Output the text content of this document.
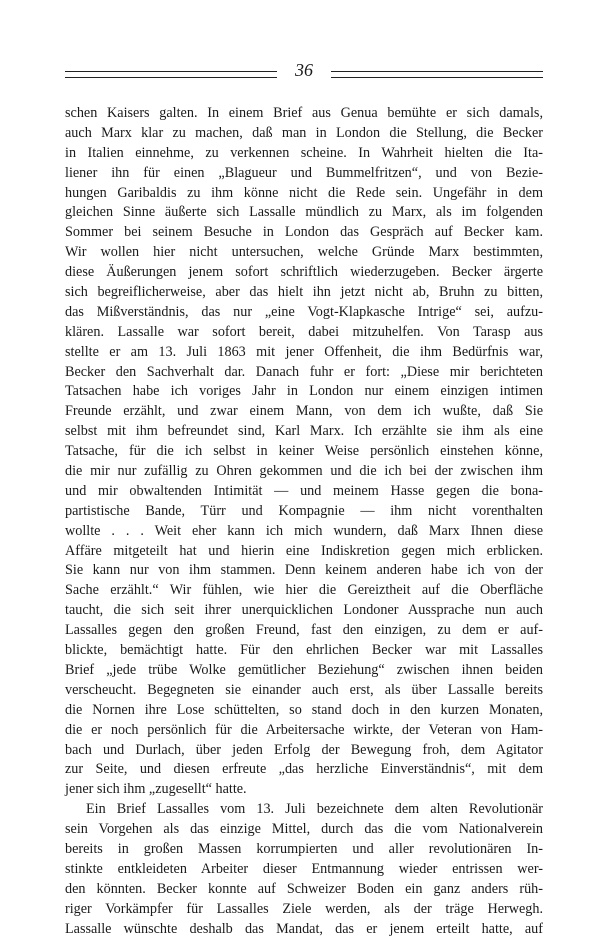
36
schen Kaisers galten. In einem Brief aus Genua bemühte er sich damals,
auch Marx klar zu machen, daß man in London die Stellung, die Becker
in Italien einnehme, zu verkennen scheine. In Wahrheit hielten die Ita-
liener ihn für einen „Blagueur und Bummelfritzen“, und von Bezie-
hungen Garibaldis zu ihm könne nicht die Rede sein. Ungefähr in dem
gleichen Sinne äußerte sich Lassalle mündlich zu Marx, als im folgenden
Sommer bei seinem Besuche in London das Gespräch auf Becker kam.
Wir wollen hier nicht untersuchen, welche Gründe Marx bestimmten,
diese Äußerungen jenem sofort schriftlich wiederzugeben. Becker ärgerte
sich begreiflicherweise, aber das hielt ihn jetzt nicht ab, Bruhn zu bitten,
das Mißverständnis, das nur „eine Vogt-Klapkasche Intrige“ sei, aufzu-
klären. Lassalle war sofort bereit, dabei mitzuhelfen. Von Tarasp aus
stellte er am 13. Juli 1863 mit jener Offenheit, die ihm Bedürfnis war,
Becker den Sachverhalt dar. Danach fuhr er fort: „Diese mir berichteten
Tatsachen habe ich voriges Jahr in London nur einem einzigen intimen
Freunde erzählt, und zwar einem Mann, von dem ich wußte, daß Sie
selbst mit ihm befreundet sind, Karl Marx. Ich erzählte sie ihm als eine
Tatsache, für die ich selbst in keiner Weise persönlich einstehen könne,
die mir nur zufällig zu Ohren gekommen und die ich bei der zwischen ihm
und mir obwaltenden Intimität — und meinem Hasse gegen die bona-
partistische Bande, Türr und Kompagnie — ihm nicht vorenthalten
wollte . . . Weit eher kann ich mich wundern, daß Marx Ihnen diese
Affäre mitgeteilt hat und hierin eine Indiskretion gegen mich erblicken.
Sie kann nur von ihm stammen. Denn keinem anderen habe ich von der
Sache erzählt.“ Wir fühlen, wie hier die Gereiztheit auf die Oberfläche
taucht, die sich seit ihrer unerquicklichen Londoner Aussprache nun auch
Lassalles gegen den großen Freund, fast den einzigen, zu dem er auf-
blickte, bemächtigt hatte. Für den ehrlichen Becker war mit Lassalles
Brief „jede trübe Wolke gemütlicher Beziehung“ zwischen ihnen beiden
verscheucht. Begegneten sie einander auch erst, als über Lassalle bereits
die Nornen ihre Lose schüttelten, so stand doch in den kurzen Monaten,
die er noch persönlich für die Arbeitersache wirkte, der Veteran von Ham-
bach und Durlach, über jeden Erfolg der Bewegung froh, dem Agitator
zur Seite, und diesen erfreute „das herzliche Einverständnis“, mit dem
jener sich ihm „zugesellt“ hatte.
Ein Brief Lassalles vom 13. Juli bezeichnete dem alten Revolutionär
sein Vorgehen als das einzige Mittel, durch das die vom Nationalverein
bereits in großen Massen korrumpierten und aller revolutionären In-
stinkte entkleideten Arbeiter dieser Entmannung wieder entrissen wer-
den könnten. Becker konnte auf Schweizer Boden ein ganz anders rüh-
riger Vorkämpfer für Lassalles Ziele werden, als der träge Herwegh.
Lassalle wünschte deshalb das Mandat, das er jenem erteilt hatte, auf
